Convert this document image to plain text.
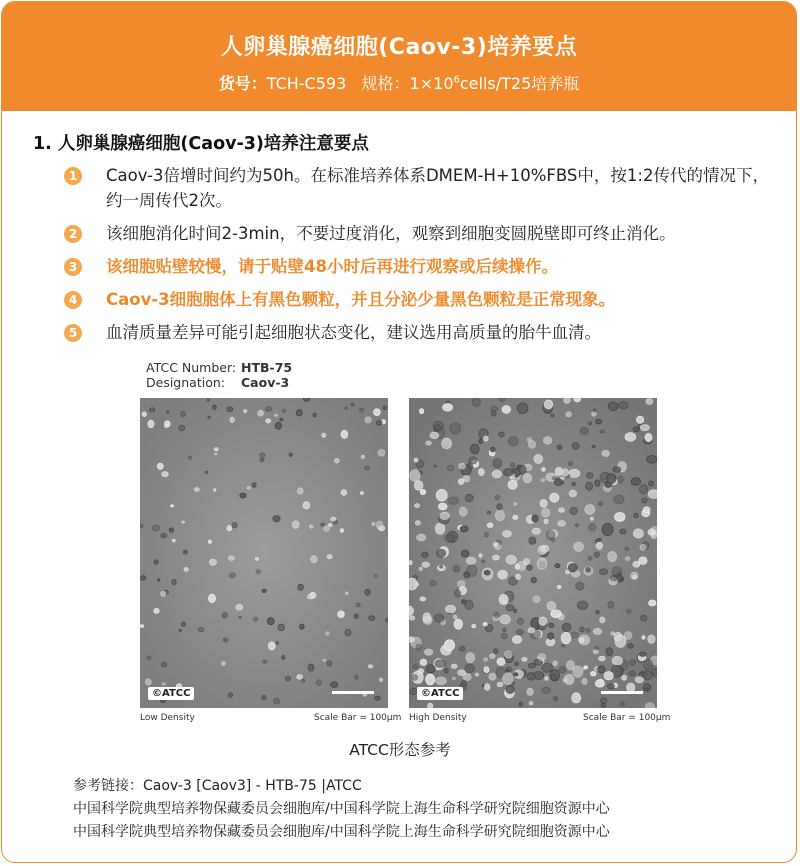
人卵巢腺癌细胞(Caov-3)培养要点
货号：TCH-C593 规格：$1\times 10^6cells/T25$培养瓶
1. 人卵巢腺癌细胞(Caov-3)培养注意要点
1 Caov-3倍增时间约为50h。在标准培养体系DMEM-H+10%FBS中，按1:2传代的情况下，约一周传代2次。
2 该细胞消化时间2-3min，不要过度消化，观察到细胞变圆脱壁即可终止消化。
3 该细胞贴壁较慢，请于贴壁48小时后再进行观察或后续操作。
4 Caov-3细胞胞体上有黑色颗粒，并且分泌少量黑色颗粒是正常现象。
5 血清质量差异可能引起细胞状态变化，建议选用高质量的胎牛血清。
ATCC Number: HTB-75
Designation: Caov-3
©ATCC	©ATCC
Low Density	Scale Bar = 100μm High Density	Scale Bar = 100μm
ATCC形态参考
参考链接：Caov-3 [Caov3] - HTB-75 |ATCC
中国科学院典型培养物保藏委员会细胞库/中国科学院上海生命科学研究院细胞资源中心
中国科学院典型培养物保藏委员会细胞库/中国科学院上海生命科学研究院细胞资源中心
